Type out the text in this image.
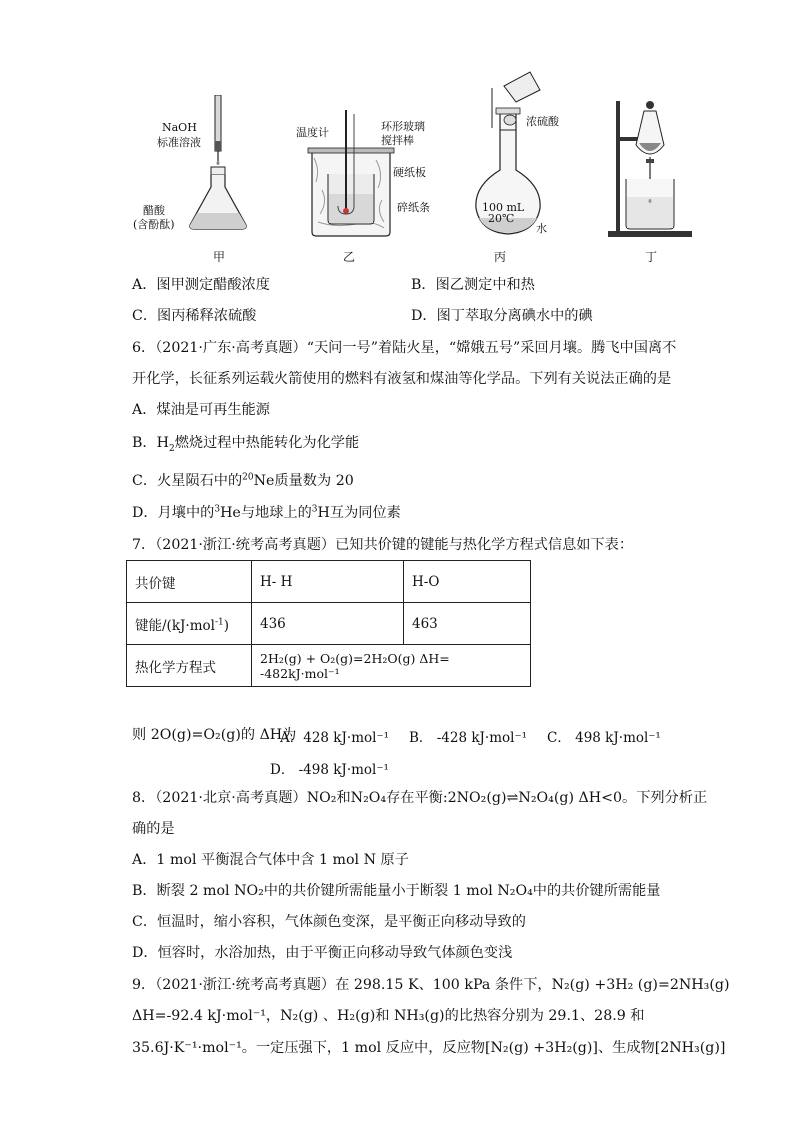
NaOH
标准溶液
醋酸
(含酚酞)
甲
温度计	环形玻璃
搅拌棒
硬纸板
碎纸条
乙
浓硫酸
100 mL
20℃
水
丙	丁
A．图甲测定醋酸浓度	B．图乙测定中和热
C．图丙稀释浓硫酸	D．图丁萃取分离碘水中的碘
6．（2021·广东·高考真题）“天问一号”着陆火星，“嫦娥五号”采回月壤。腾飞中国离不
开化学，长征系列运载火箭使用的燃料有液氢和煤油等化学品。下列有关说法正确的是
A．煤油是可再生能源
B．$H_2$燃烧过程中热能转化为化学能
C．火星陨石中的$^{20}$Ne质量数为 20
D．月壤中的$^3$He与地球上的$^3$H互为同位素
7．（2021·浙江·统考高考真题）已知共价键的键能与热化学方程式信息如下表：
共价键	H- H	H-O
键能/(kJ·mol$^{-1}$)	436	463
热化学方程式	2H₂(g) + O₂(g)=2H₂O(g) ΔH= -482kJ·mol⁻¹	
则 2O(g)=O₂(g)的 ΔH为
A．428 kJ·mol⁻¹ B． -428 kJ·mol⁻¹ C． 498 kJ·mol⁻¹
D． -498 kJ·mol⁻¹
8．（2021·北京·高考真题）NO₂和N₂O₄存在平衡:2NO₂(g)⇌N₂O₄(g) ΔH<0。下列分析正
确的是
A．1 mol 平衡混合气体中含 1 mol N 原子
B．断裂 2 mol NO₂中的共价键所需能量小于断裂 1 mol N₂O₄中的共价键所需能量
C．恒温时，缩小容积，气体颜色变深，是平衡正向移动导致的
D．恒容时，水浴加热，由于平衡正向移动导致气体颜色变浅
9．（2021·浙江·统考高考真题）在 298.15 K、100 kPa 条件下，N₂(g) +3H₂ (g)=2NH₃(g)
ΔH=-92.4 kJ·mol⁻¹，N₂(g) 、H₂(g)和 NH₃(g)的比热容分别为 29.1、28.9 和
35.6J·K⁻¹·mol⁻¹。一定压强下，1 mol 反应中，反应物[N₂(g) +3H₂(g)]、生成物[2NH₃(g)]
